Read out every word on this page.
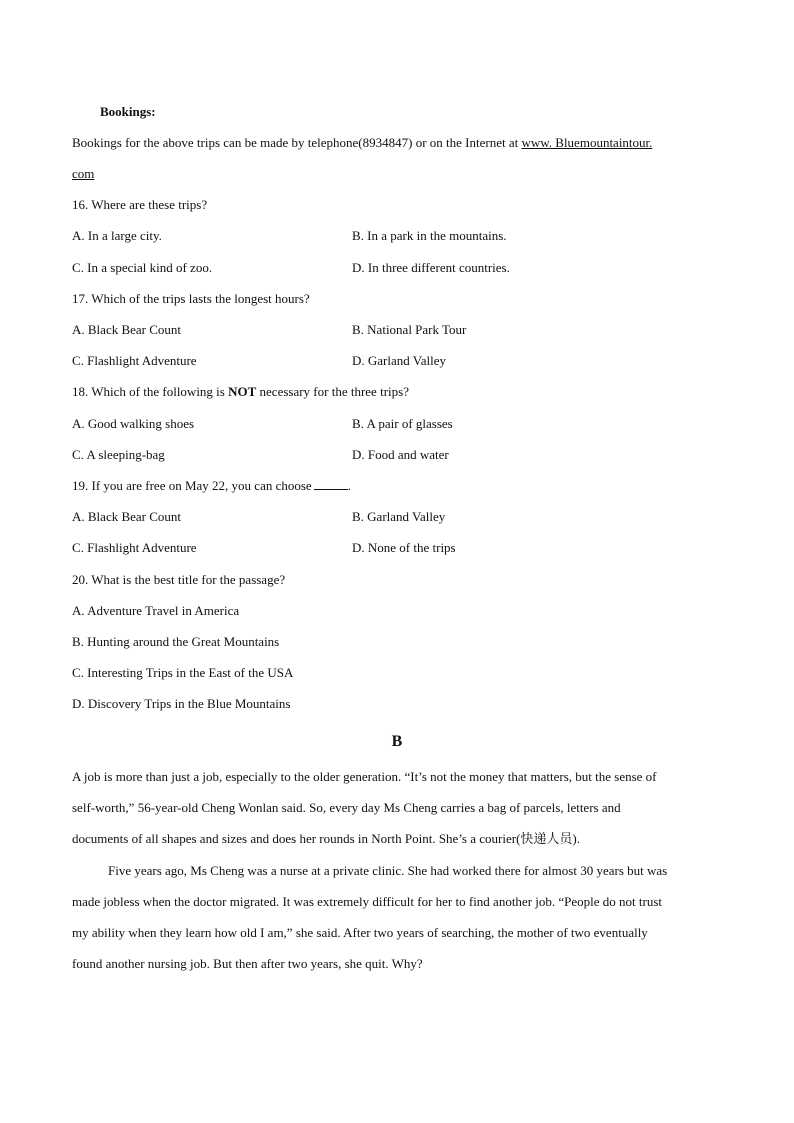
Bookings:
Bookings for the above trips can be made by telephone(8934847) or on the Internet at www. Bluemountaintour.
com
16. Where are these trips?
A. In a large city.	B. In a park in the mountains.
C. In a special kind of zoo.	D. In three different countries.
17. Which of the trips lasts the longest hours?
A. Black Bear Count	B. National Park Tour
C. Flashlight Adventure	D. Garland Valley
18. Which of the following is NOT necessary for the three trips?
A. Good walking shoes	B. A pair of glasses
C. A sleeping-bag	D. Food and water
19. If you are free on May 22, you can choose	.
A. Black Bear Count	B. Garland Valley
C. Flashlight Adventure	D. None of the trips
20. What is the best title for the passage?
A. Adventure Travel in America
B. Hunting around the Great Mountains
C. Interesting Trips in the East of the USA
D. Discovery Trips in the Blue Mountains
B
A job is more than just a job, especially to the older generation. “It’s not the money that matters, but the sense of
self-worth,” 56-year-old Cheng Wonlan said. So, every day Ms Cheng carries a bag of parcels, letters and
documents of all shapes and sizes and does her rounds in North Point. She’s a courier(快递人员).
Five years ago, Ms Cheng was a nurse at a private clinic. She had worked there for almost 30 years but was
made jobless when the doctor migrated. It was extremely difficult for her to find another job. “People do not trust
my ability when they learn how old I am,” she said. After two years of searching, the mother of two eventually
found another nursing job. But then after two years, she quit. Why?
